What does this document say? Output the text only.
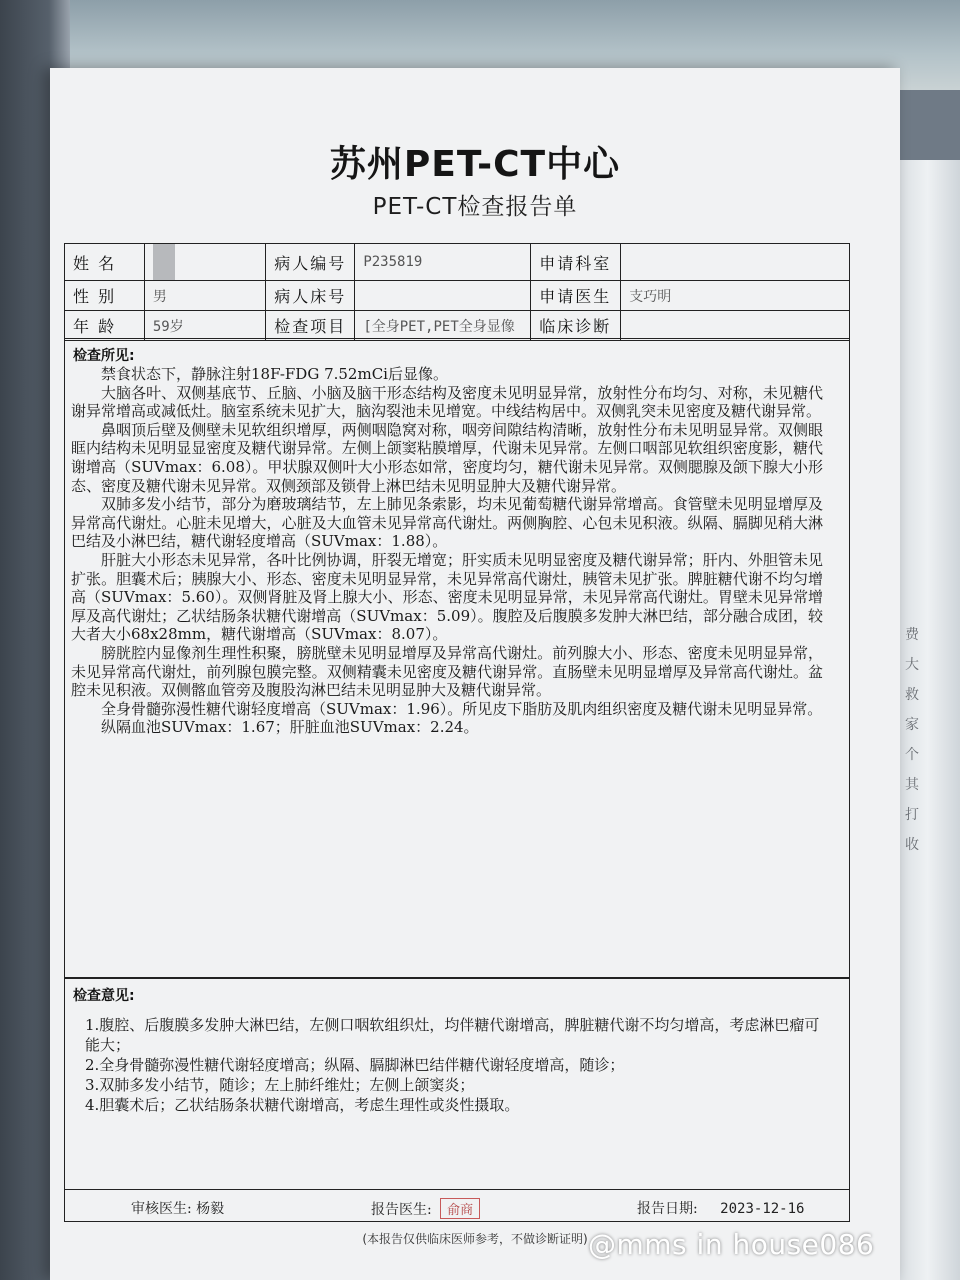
费
大
救
家
个
其
打
收
苏州PET-CT中心
PET-CT检查报告单
姓 名		病人编号	P235819	申请科室	
性 别	男	病人床号		申请医生	支巧明
年 龄	59岁	检查项目	[全身PET,PET全身显像	临床诊断	
检查所见:

禁食状态下，静脉注射18F-FDG 7.52mCi后显像。

大脑各叶、双侧基底节、丘脑、小脑及脑干形态结构及密度未见明显异常，放射性分布均匀、对称，未见糖代谢异常增高或减低灶。脑室系统未见扩大，脑沟裂池未见增宽。中线结构居中。双侧乳突未见密度及糖代谢异常。

鼻咽顶后壁及侧壁未见软组织增厚，两侧咽隐窝对称，咽旁间隙结构清晰，放射性分布未见明显异常。双侧眼眶内结构未见明显显密度及糖代谢异常。左侧上颌窦粘膜增厚，代谢未见异常。左侧口咽部见软组织密度影，糖代谢增高（SUVmax：6.08）。甲状腺双侧叶大小形态如常，密度均匀，糖代谢未见异常。双侧腮腺及颌下腺大小形态、密度及糖代谢未见异常。双侧颈部及锁骨上淋巴结未见明显肿大及糖代谢异常。

双肺多发小结节，部分为磨玻璃结节，左上肺见条索影，均未见葡萄糖代谢异常增高。食管壁未见明显增厚及异常高代谢灶。心脏未见增大，心脏及大血管未见异常高代谢灶。两侧胸腔、心包未见积液。纵隔、膈脚见稍大淋巴结及小淋巴结，糖代谢轻度增高（SUVmax：1.88）。

肝脏大小形态未见异常，各叶比例协调，肝裂无增宽；肝实质未见明显密度及糖代谢异常；肝内、外胆管未见扩张。胆囊术后；胰腺大小、形态、密度未见明显异常，未见异常高代谢灶，胰管未见扩张。脾脏糖代谢不均匀增高（SUVmax：5.60）。双侧肾脏及肾上腺大小、形态、密度未见明显异常，未见异常高代谢灶。胃壁未见异常增厚及高代谢灶；乙状结肠条状糖代谢增高（SUVmax：5.09）。腹腔及后腹膜多发肿大淋巴结，部分融合成团，较大者大小68x28mm，糖代谢增高（SUVmax：8.07）。

膀胱腔内显像剂生理性积聚，膀胱壁未见明显增厚及异常高代谢灶。前列腺大小、形态、密度未见明显异常，未见异常高代谢灶，前列腺包膜完整。双侧精囊未见密度及糖代谢异常。直肠壁未见明显增厚及异常高代谢灶。盆腔未见积液。双侧髂血管旁及腹股沟淋巴结未见明显肿大及糖代谢异常。

全身骨髓弥漫性糖代谢轻度增高（SUVmax：1.96）。所见皮下脂肪及肌肉组织密度及糖代谢未见明显异常。

纵隔血池SUVmax：1.67；肝脏血池SUVmax：2.24。

检查意见:

1.腹腔、后腹膜多发肿大淋巴结，左侧口咽软组织灶，均伴糖代谢增高，脾脏糖代谢不均匀增高，考虑淋巴瘤可能大；

2.全身骨髓弥漫性糖代谢轻度增高；纵隔、膈脚淋巴结伴糖代谢轻度增高，随诊；

3.双肺多发小结节，随诊；左上肺纤维灶；左侧上颌窦炎；

4.胆囊术后；乙状结肠条状糖代谢增高，考虑生理性或炎性摄取。

审核医生: 杨毅	报告医生: 俞商	报告日期: 2023-12-16
(本报告仅供临床医师参考，不做诊断证明) @mms in house086
